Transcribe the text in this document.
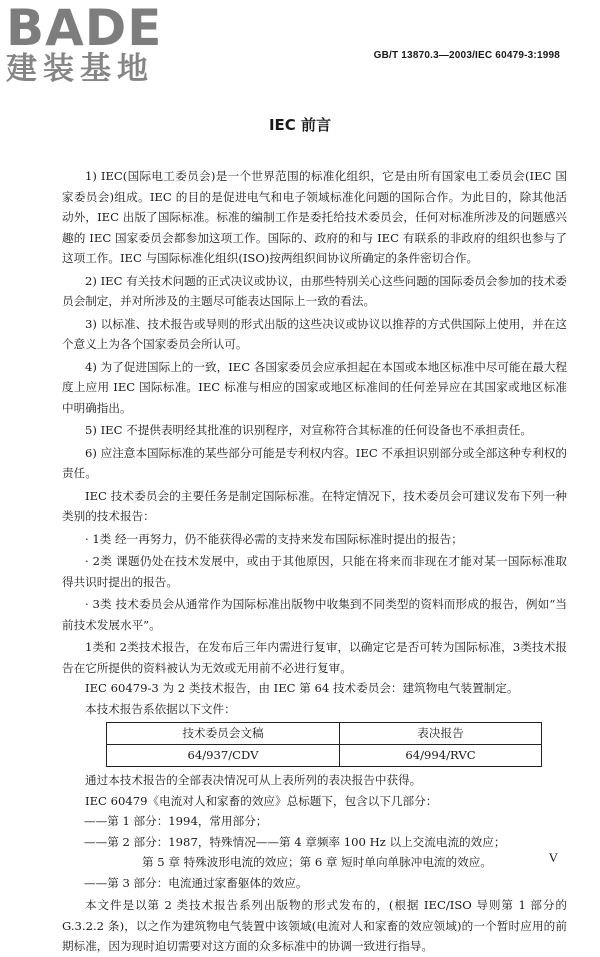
BADE
建装基地	GB/T 13870.3—2003/IEC 60479-3:1998
IEC 前言

1) IEC(国际电工委员会)是一个世界范围的标准化组织，它是由所有国家电工委员会(IEC 国家委员会)组成。IEC 的目的是促进电气和电子领域标准化问题的国际合作。为此目的，除其他活动外，IEC 出版了国际标准。标准的编制工作是委托给技术委员会，任何对标准所涉及的问题感兴趣的 IEC 国家委员会都参加这项工作。国际的、政府的和与 IEC 有联系的非政府的组织也参与了这项工作。IEC 与国际标准化组织(ISO)按两组织间协议所确定的条件密切合作。

2) IEC 有关技术问题的正式决议或协议，由那些特别关心这些问题的国际委员会参加的技术委员会制定，并对所涉及的主题尽可能表达国际上一致的看法。

3) 以标准、技术报告或导则的形式出版的这些决议或协议以推荐的方式供国际上使用，并在这个意义上为各个国家委员会所认可。

4) 为了促进国际上的一致，IEC 各国家委员会应承担起在本国或本地区标准中尽可能在最大程度上应用 IEC 国际标准。IEC 标准与相应的国家或地区标准间的任何差异应在其国家或地区标准中明确指出。

5) IEC 不提供表明经其批准的识别程序，对宣称符合其标准的任何设备也不承担责任。

6) 应注意本国际标准的某些部分可能是专利权内容。IEC 不承担识别部分或全部这种专利权的责任。

IEC 技术委员会的主要任务是制定国际标准。在特定情况下，技术委员会可建议发布下列一种类别的技术报告：

· 1类 经一再努力，仍不能获得必需的支持来发布国际标准时提出的报告；

· 2类 课题仍处在技术发展中，或由于其他原因，只能在将来而非现在才能对某一国际标准取得共识时提出的报告。

· 3类 技术委员会从通常作为国际标准出版物中收集到不同类型的资料而形成的报告，例如“当前技术发展水平”。

1类和 2类技术报告，在发布后三年内需进行复审，以确定它是否可转为国际标准，3类技术报告在它所提供的资料被认为无效或无用前不必进行复审。

IEC 60479-3 为 2 类技术报告，由 IEC 第 64 技术委员会：建筑物电气装置制定。

本技术报告系依据以下文件：

技术委员会文稿	表决报告
64/937/CDV	64/994/RVC

通过本技术报告的全部表决情况可从上表所列的表决报告中获得。

IEC 60479《电流对人和家畜的效应》总标题下，包含以下几部分：

——第 1 部分：1994，常用部分；
——第 2 部分：1987，特殊情况——第 4 章频率 100 Hz 以上交流电流的效应；
第 5 章 特殊波形电流的效应；第 6 章 短时单向单脉冲电流的效应。
——第 3 部分：电流通过家畜躯体的效应。

本文件是以第 2 类技术报告系列出版物的形式发布的，(根据 IEC/ISO 导则第 1 部分的 G.3.2.2 条)，以之作为建筑物电气装置中该领域(电流对人和家畜的效应领域)的一个暂时应用的前期标准，因为现时迫切需要对这方面的众多标准中的协调一致进行指导。

V
